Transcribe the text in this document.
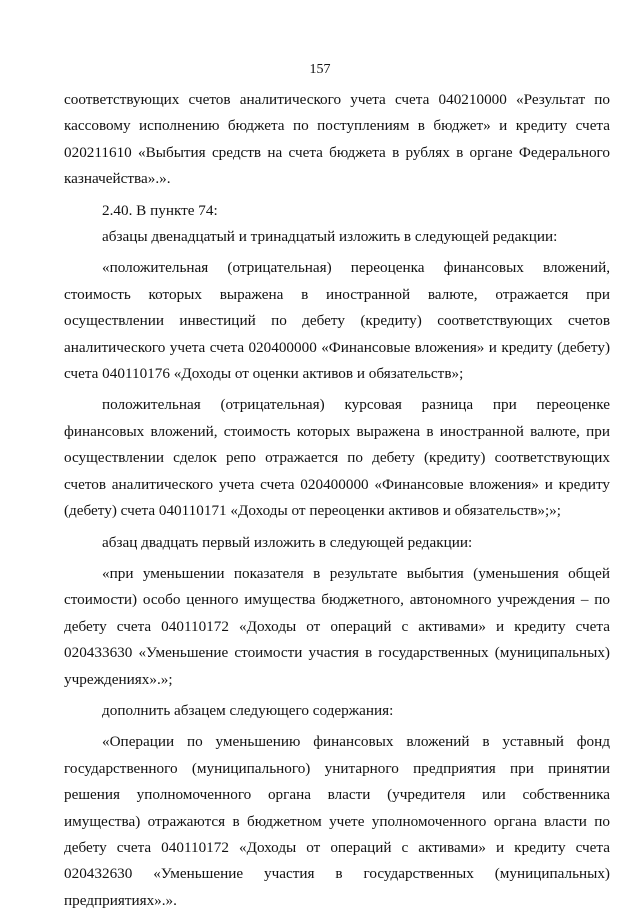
157

соответствующих счетов аналитического учета счета 040210000 «Результат по кассовому исполнению бюджета по поступлениям в бюджет» и кредиту счета 020211610 «Выбытия средств на счета бюджета в рублях в органе Федерального казначейства».».

2.40. В пункте 74:

абзацы двенадцатый и тринадцатый изложить в следующей редакции:

«положительная (отрицательная) переоценка финансовых вложений, стоимость которых выражена в иностранной валюте, отражается при осуществлении инвестиций по дебету (кредиту) соответствующих счетов аналитического учета счета 020400000 «Финансовые вложения» и кредиту (дебету) счета 040110176 «Доходы от оценки активов и обязательств»;

положительная (отрицательная) курсовая разница при переоценке финансовых вложений, стоимость которых выражена в иностранной валюте, при осуществлении сделок репо отражается по дебету (кредиту) соответствующих счетов аналитического учета счета 020400000 «Финансовые вложения» и кредиту (дебету) счета 040110171 «Доходы от переоценки активов и обязательств»;»;

абзац двадцать первый изложить в следующей редакции:

«при уменьшении показателя в результате выбытия (уменьшения общей стоимости) особо ценного имущества бюджетного, автономного учреждения – по дебету счета 040110172 «Доходы от операций с активами» и кредиту счета 020433630 «Уменьшение стоимости участия в государственных (муниципальных) учреждениях».»;

дополнить абзацем следующего содержания:

«Операции по уменьшению финансовых вложений в уставный фонд государственного (муниципального) унитарного предприятия при принятии решения уполномоченного органа власти (учредителя или собственника имущества) отражаются в бюджетном учете уполномоченного органа власти по дебету счета 040110172 «Доходы от операций с активами» и кредиту счета 020432630 «Уменьшение участия в государственных (муниципальных) предприятиях».».
